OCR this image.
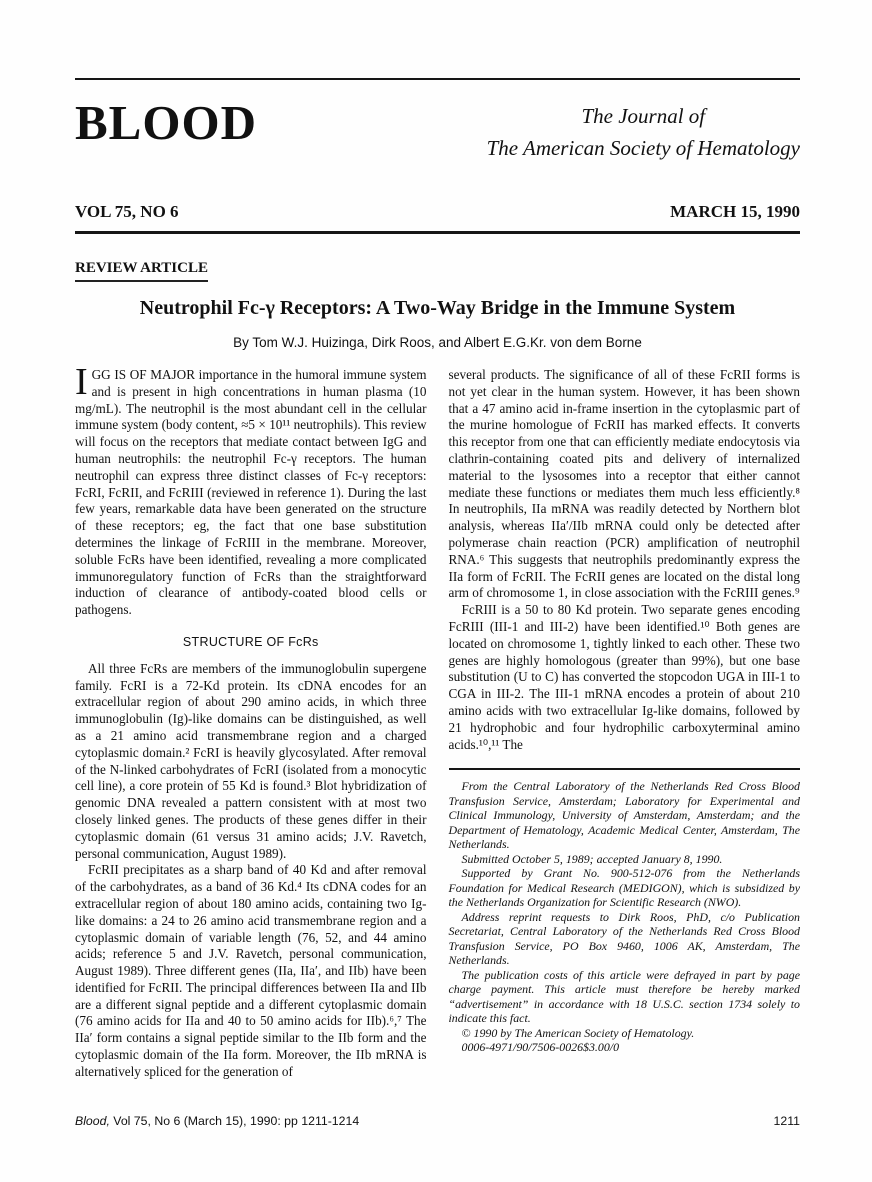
BLOOD	The Journal of
The American Society of Hematology
VOL 75, NO 6	MARCH 15, 1990
REVIEW ARTICLE
Neutrophil Fc-γ Receptors: A Two-Way Bridge in the Immune System
By Tom W.J. Huizinga, Dirk Roos, and Albert E.G.Kr. von dem Borne

IGG IS OF MAJOR importance in the humoral immune system and is present in high concentrations in human plasma (10 mg/mL). The neutrophil is the most abundant cell in the cellular immune system (body content, ≈5 × 10¹¹ neutrophils). This review will focus on the receptors that mediate contact between IgG and human neutrophils: the neutrophil Fc-γ receptors. The human neutrophil can express three distinct classes of Fc-γ receptors: FcRI, FcRII, and FcRIII (reviewed in reference 1). During the last few years, remarkable data have been generated on the structure of these receptors; eg, the fact that one base substitution determines the linkage of FcRIII in the membrane. Moreover, soluble FcRs have been identified, revealing a more complicated immunoregulatory function of FcRs than the straightforward induction of clearance of antibody-coated blood cells or pathogens.

STRUCTURE OF FcRs

All three FcRs are members of the immunoglobulin supergene family. FcRI is a 72-Kd protein. Its cDNA encodes for an extracellular region of about 290 amino acids, in which three immunoglobulin (Ig)-like domains can be distinguished, as well as a 21 amino acid transmembrane region and a charged cytoplasmic domain.² FcRI is heavily glycosylated. After removal of the N-linked carbohydrates of FcRI (isolated from a monocytic cell line), a core protein of 55 Kd is found.³ Blot hybridization of genomic DNA revealed a pattern consistent with at most two closely linked genes. The products of these genes differ in their cytoplasmic domain (61 versus 31 amino acids; J.V. Ravetch, personal communication, August 1989).

FcRII precipitates as a sharp band of 40 Kd and after removal of the carbohydrates, as a band of 36 Kd.⁴ Its cDNA codes for an extracellular region of about 180 amino acids, containing two Ig-like domains: a 24 to 26 amino acid transmembrane region and a cytoplasmic domain of variable length (76, 52, and 44 amino acids; reference 5 and J.V. Ravetch, personal communication, August 1989). Three different genes (IIa, IIa′, and IIb) have been identified for FcRII. The principal differences between IIa and IIb are a different signal peptide and a different cytoplasmic domain (76 amino acids for IIa and 40 to 50 amino acids for IIb).⁶,⁷ The IIa′ form contains a signal peptide similar to the IIb form and the cytoplasmic domain of the IIa form. Moreover, the IIb mRNA is alternatively spliced for the generation of

several products. The significance of all of these FcRII forms is not yet clear in the human system. However, it has been shown that a 47 amino acid in-frame insertion in the cytoplasmic part of the murine homologue of FcRII has marked effects. It converts this receptor from one that can efficiently mediate endocytosis via clathrin-containing coated pits and delivery of internalized material to the lysosomes into a receptor that either cannot mediate these functions or mediates them much less efficiently.⁸ In neutrophils, IIa mRNA was readily detected by Northern blot analysis, whereas IIa′/IIb mRNA could only be detected after polymerase chain reaction (PCR) amplification of neutrophil RNA.⁶ This suggests that neutrophils predominantly express the IIa form of FcRII. The FcRII genes are located on the distal long arm of chromosome 1, in close association with the FcRIII genes.⁹

FcRIII is a 50 to 80 Kd protein. Two separate genes encoding FcRIII (III-1 and III-2) have been identified.¹⁰ Both genes are located on chromosome 1, tightly linked to each other. These two genes are highly homologous (greater than 99%), but one base substitution (U to C) has converted the stopcodon UGA in III-1 to CGA in III-2. The III-1 mRNA encodes a protein of about 210 amino acids with two extracellular Ig-like domains, followed by 21 hydrophobic and four hydrophilic carboxyterminal amino acids.¹⁰,¹¹ The

From the Central Laboratory of the Netherlands Red Cross Blood Transfusion Service, Amsterdam; Laboratory for Experimental and Clinical Immunology, University of Amsterdam, Amsterdam; and the Department of Hematology, Academic Medical Center, Amsterdam, The Netherlands.

Submitted October 5, 1989; accepted January 8, 1990.

Supported by Grant No. 900-512-076 from the Netherlands Foundation for Medical Research (MEDIGON), which is subsidized by the Netherlands Organization for Scientific Research (NWO).

Address reprint requests to Dirk Roos, PhD, c/o Publication Secretariat, Central Laboratory of the Netherlands Red Cross Blood Transfusion Service, PO Box 9460, 1006 AK, Amsterdam, The Netherlands.

The publication costs of this article were defrayed in part by page charge payment. This article must therefore be hereby marked “advertisement” in accordance with 18 U.S.C. section 1734 solely to indicate this fact.

© 1990 by The American Society of Hematology.

0006-4971/90/7506-0026$3.00/0

Blood, Vol 75, No 6 (March 15), 1990: pp 1211-1214	1211
